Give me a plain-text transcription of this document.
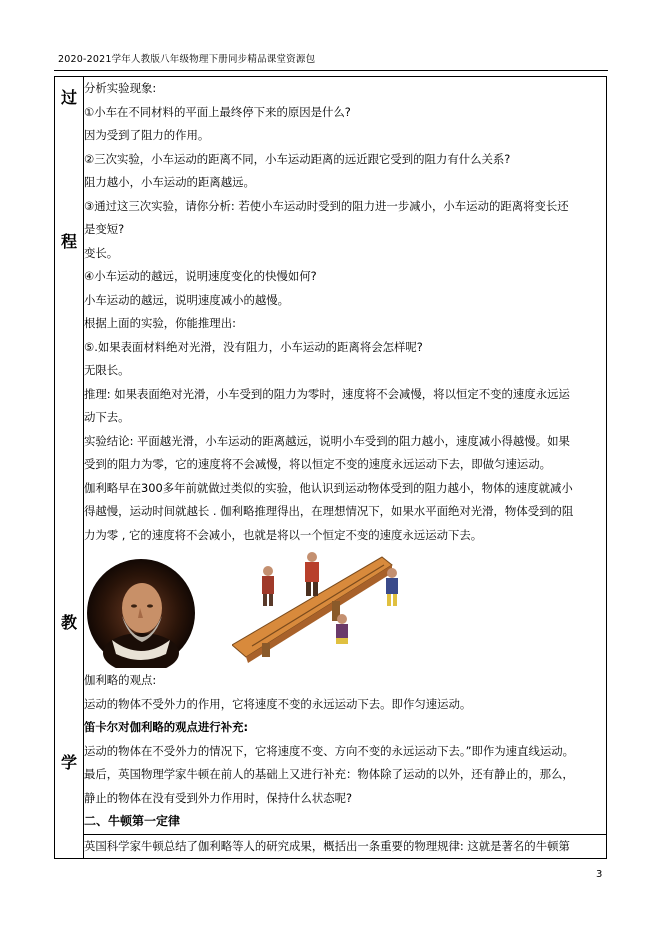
2020-2021学年人教版八年级物理下册同步精品课堂资源包
过
程
教
学

分析实验现象:
①小车在不同材料的平面上最终停下来的原因是什么?
因为受到了阻力的作用。
②三次实验，小车运动的距离不同，小车运动距离的远近跟它受到的阻力有什么关系?
阻力越小，小车运动的距离越远。
③通过这三次实验，请你分析: 若使小车运动时受到的阻力进一步减小，小车运动的距离将变长还
是变短?
变长。
④小车运动的越远，说明速度变化的快慢如何?
小车运动的越远，说明速度减小的越慢。
根据上面的实验，你能推理出:
⑤.如果表面材料绝对光滑，没有阻力，小车运动的距离将会怎样呢?
无限长。
推理: 如果表面绝对光滑，小车受到的阻力为零时，速度将不会减慢，将以恒定不变的速度永远运
动下去。
实验结论: 平面越光滑，小车运动的距离越远，说明小车受到的阻力越小，速度减小得越慢。如果
受到的阻力为零，它的速度将不会减慢，将以恒定不变的速度永远运动下去，即做匀速运动。
伽利略早在300多年前就做过类似的实验，他认识到运动物体受到的阻力越小，物体的速度就减小
得越慢，运动时间就越长 . 伽利略推理得出，在理想情况下，如果水平面绝对光滑，物体受到的阻
力为零 , 它的速度将不会减小，也就是将以一个恒定不变的速度永远运动下去。
伽利略的观点:
运动的物体不受外力的作用，它将速度不变的永远运动下去。即作匀速运动。
笛卡尔对伽利略的观点进行补充:
运动的物体在不受外力的情况下，它将速度不变、方向不变的永远运动下去。”即作为速直线运动。
最后，英国物理学家牛顿在前人的基础上又进行补充：物体除了运动的以外，还有静止的，那么，
静止的物体在没有受到外力作用时，保持什么状态呢?
二、牛顿第一定律
英国科学家牛顿总结了伽利略等人的研究成果，概括出一条重要的物理规律: 这就是著名的牛顿第
3
